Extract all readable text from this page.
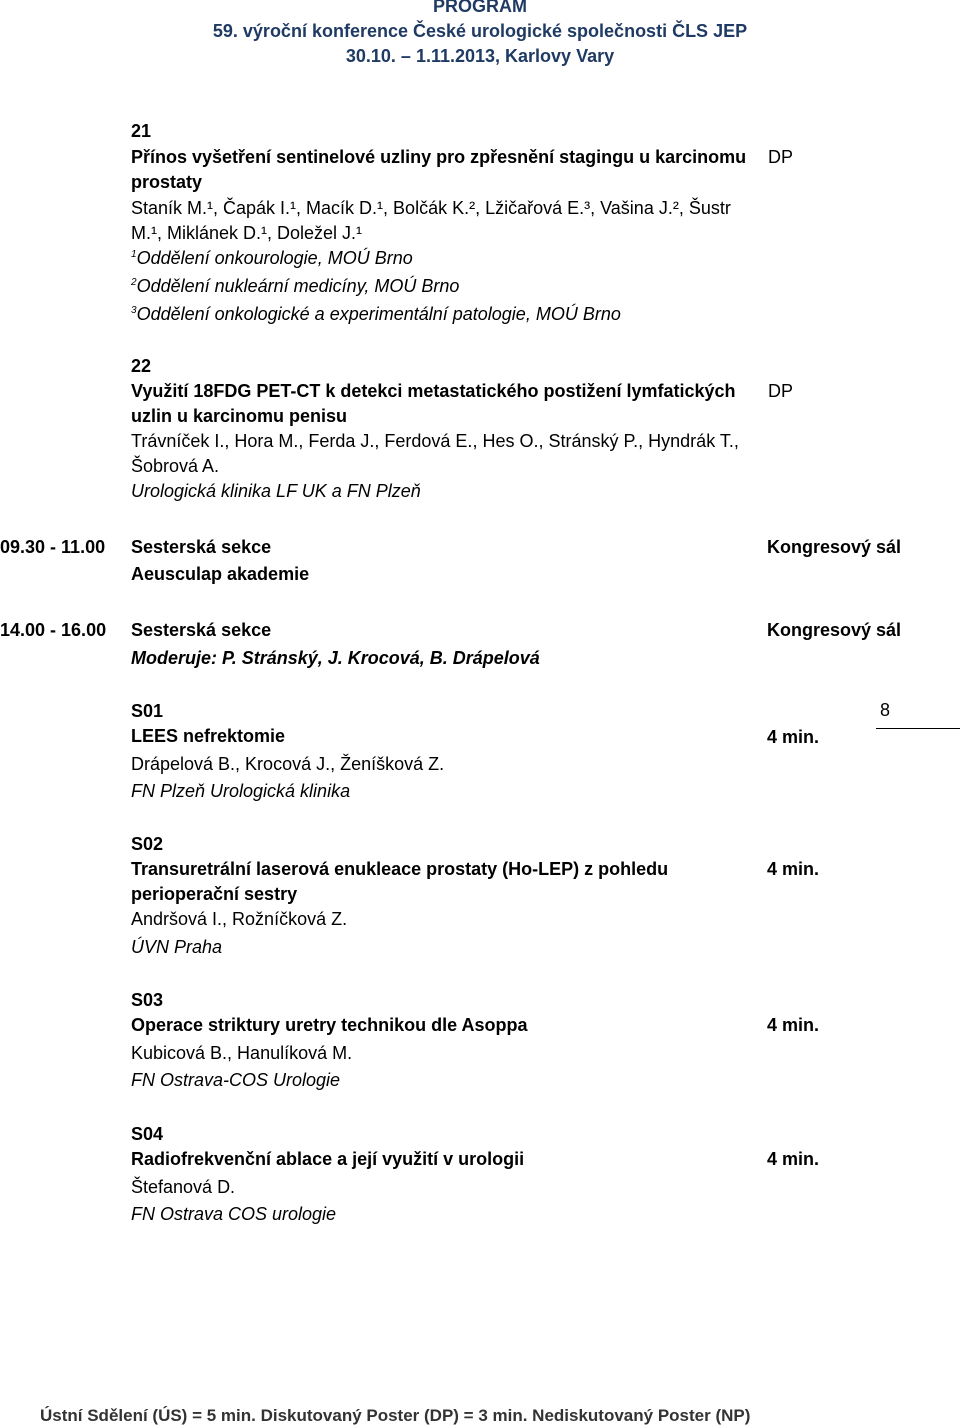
PROGRAM
59. výroční konference České urologické společnosti ČLS JEP
30.10. – 1.11.2013, Karlovy Vary
21
Přínos vyšetření sentinelové uzliny pro zpřesnění stagingu u karcinomu
prostaty
DP
Staník M.¹, Čapák I.¹, Macík D.¹, Bolčák K.², Lžičařová E.³, Vašina J.², Šustr
M.¹, Miklánek D.¹, Doležel J.¹
$^1$Oddělení onkourologie, MOÚ Brno
$^2$Oddělení nukleární medicíny, MOÚ Brno
$^3$Oddělení onkologické a experimentální patologie, MOÚ Brno
22
Využití 18FDG PET-CT k detekci metastatického postižení lymfatických
uzlin u karcinomu penisu
DP
Trávníček I., Hora M., Ferda J., Ferdová E., Hes O., Stránský P., Hyndrák T.,
Šobrová A.
Urologická klinika LF UK a FN Plzeň
09.30 - 11.00 Sesterská sekce	Kongresový sál
Aeusculap akademie
14.00 - 16.00 Sesterská sekce	Kongresový sál
Moderuje: P. Stránský, J. Krocová, B. Drápelová
8
S01
LEES nefrektomie	4 min.
Drápelová B., Krocová J., Ženíšková Z.
FN Plzeň Urologická klinika
S02
Transuretrální laserová enukleace prostaty (Ho-LEP) z pohledu
perioperační sestry
4 min.
Andršová I., Rožníčková Z.
ÚVN Praha
S03
Operace striktury uretry technikou dle Asoppa	4 min.
Kubicová B., Hanulíková M.
FN Ostrava-COS Urologie
S04
Radiofrekvenční ablace a její využití v urologii	4 min.
Štefanová D.
FN Ostrava COS urologie
Ústní Sdělení (ÚS) = 5 min. Diskutovaný Poster (DP) = 3 min. Nediskutovaný Poster (NP)
